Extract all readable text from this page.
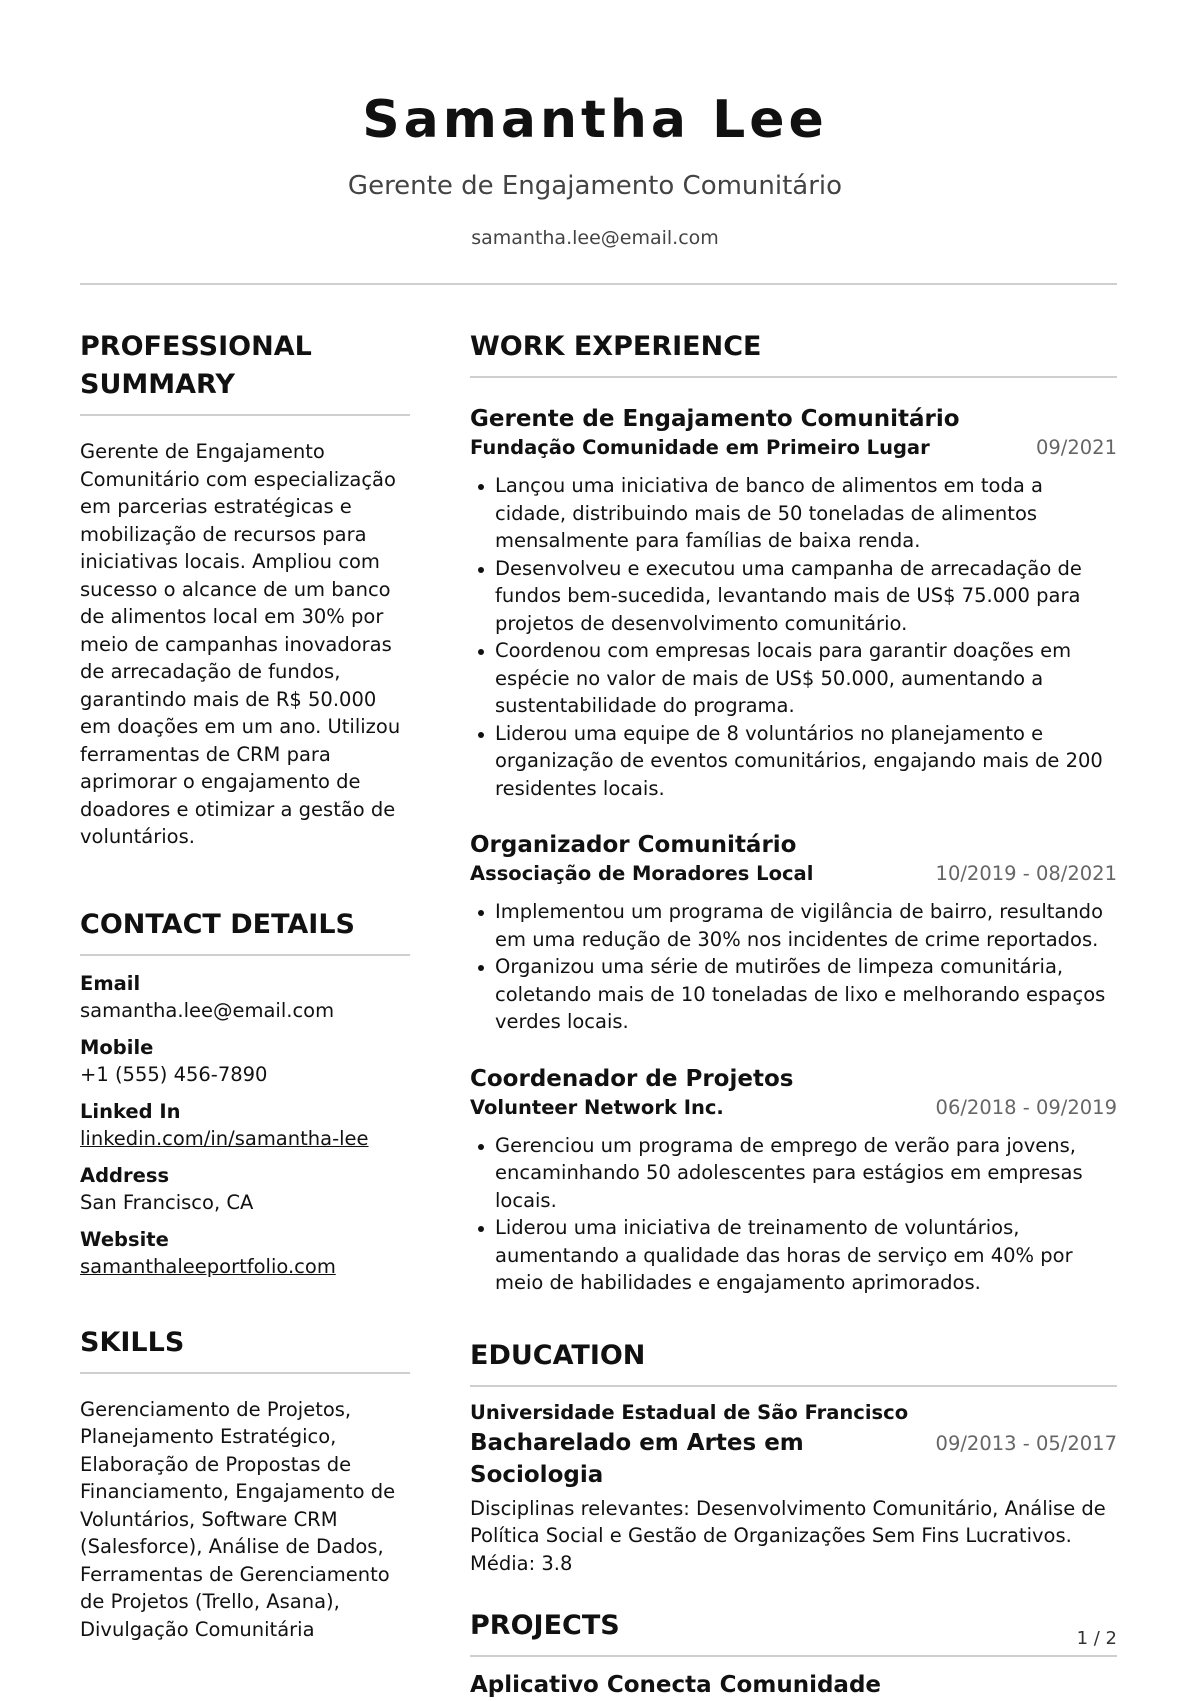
Samantha Lee
Gerente de Engajamento Comunitário
samantha.lee@email.com
PROFESSIONAL SUMMARY

Gerente de Engajamento Comunitário com especialização em parcerias estratégicas e mobilização de recursos para iniciativas locais. Ampliou com sucesso o alcance de um banco de alimentos local em 30% por meio de campanhas inovadoras de arrecadação de fundos, garantindo mais de R$ 50.000 em doações em um ano. Utilizou ferramentas de CRM para aprimorar o engajamento de doadores e otimizar a gestão de voluntários.

CONTACT DETAILS
Email
samantha.lee@email.com
Mobile
+1 (555) 456-7890
Linked In
linkedin.com/in/samantha-lee
Address
San Francisco, CA
Website
samanthaleeportfolio.com
SKILLS

Gerenciamento de Projetos, Planejamento Estratégico, Elaboração de Propostas de Financiamento, Engajamento de Voluntários, Software CRM (Salesforce), Análise de Dados, Ferramentas de Gerenciamento de Projetos (Trello, Asana), Divulgação Comunitária

WORK EXPERIENCE
Gerente de Engajamento Comunitário
Fundação Comunidade em Primeiro Lugar	09/2021
Lançou uma iniciativa de banco de alimentos em toda a cidade, distribuindo mais de 50 toneladas de alimentos mensalmente para famílias de baixa renda.
Desenvolveu e executou uma campanha de arrecadação de fundos bem-sucedida, levantando mais de US$ 75.000 para projetos de desenvolvimento comunitário.
Coordenou com empresas locais para garantir doações em espécie no valor de mais de US$ 50.000, aumentando a sustentabilidade do programa.
Liderou uma equipe de 8 voluntários no planejamento e organização de eventos comunitários, engajando mais de 200 residentes locais.
Organizador Comunitário
Associação de Moradores Local	10/2019 - 08/2021
Implementou um programa de vigilância de bairro, resultando em uma redução de 30% nos incidentes de crime reportados.
Organizou uma série de mutirões de limpeza comunitária, coletando mais de 10 toneladas de lixo e melhorando espaços verdes locais.
Coordenador de Projetos
Volunteer Network Inc.	06/2018 - 09/2019
Gerenciou um programa de emprego de verão para jovens, encaminhando 50 adolescentes para estágios em empresas locais.
Liderou uma iniciativa de treinamento de voluntários, aumentando a qualidade das horas de serviço em 40% por meio de habilidades e engajamento aprimorados.
EDUCATION
Universidade Estadual de São Francisco
Bacharelado em Artes em Sociologia
09/2013 - 05/2017

Disciplinas relevantes: Desenvolvimento Comunitário, Análise de Política Social e Gestão de Organizações Sem Fins Lucrativos. Média: 3.8

PROJECTS
Aplicativo Conecta Comunidade
1 / 2
